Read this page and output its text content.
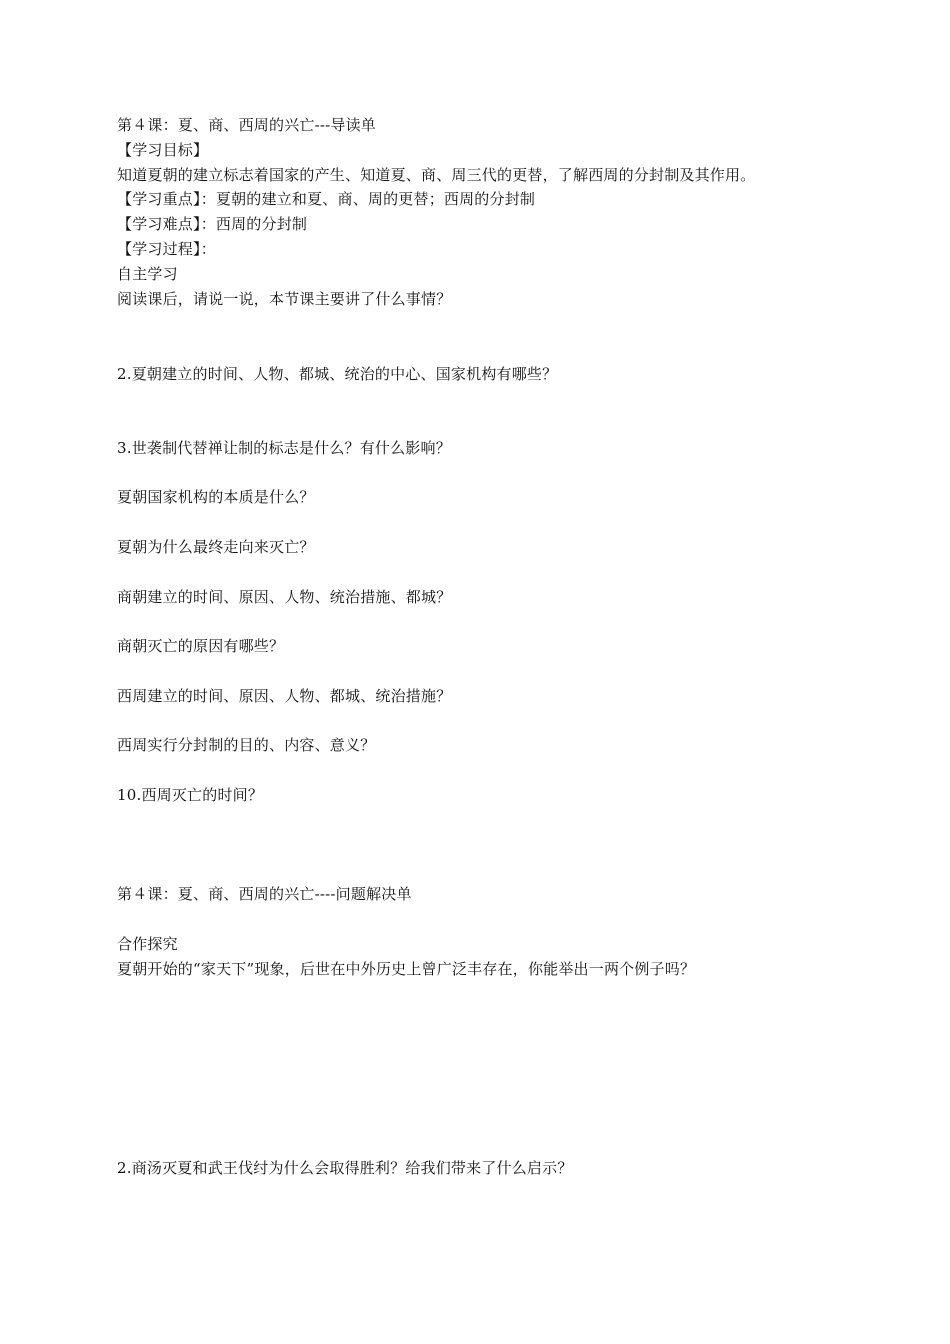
第４课：夏、商、西周的兴亡---导读单
【学习目标】
知道夏朝的建立标志着国家的产生、知道夏、商、周三代的更替，了解西周的分封制及其作用。
【学习重点】：夏朝的建立和夏、商、周的更替；西周的分封制
【学习难点】：西周的分封制
【学习过程】：
自主学习
阅读课后，请说一说，本节课主要讲了什么事情？
2.夏朝建立的时间、人物、都城、统治的中心、国家机构有哪些？
3.世袭制代替禅让制的标志是什么？有什么影响？
夏朝国家机构的本质是什么？
夏朝为什么最终走向来灭亡？
商朝建立的时间、原因、人物、统治措施、都城？
商朝灭亡的原因有哪些？
西周建立的时间、原因、人物、都城、统治措施？
西周实行分封制的目的、内容、意义？
10.西周灭亡的时间？
第４课：夏、商、西周的兴亡----问题解决单
合作探究
夏朝开始的“家天下”现象，后世在中外历史上曾广泛丰存在，你能举出一两个例子吗？
2.商汤灭夏和武王伐纣为什么会取得胜利？给我们带来了什么启示？
